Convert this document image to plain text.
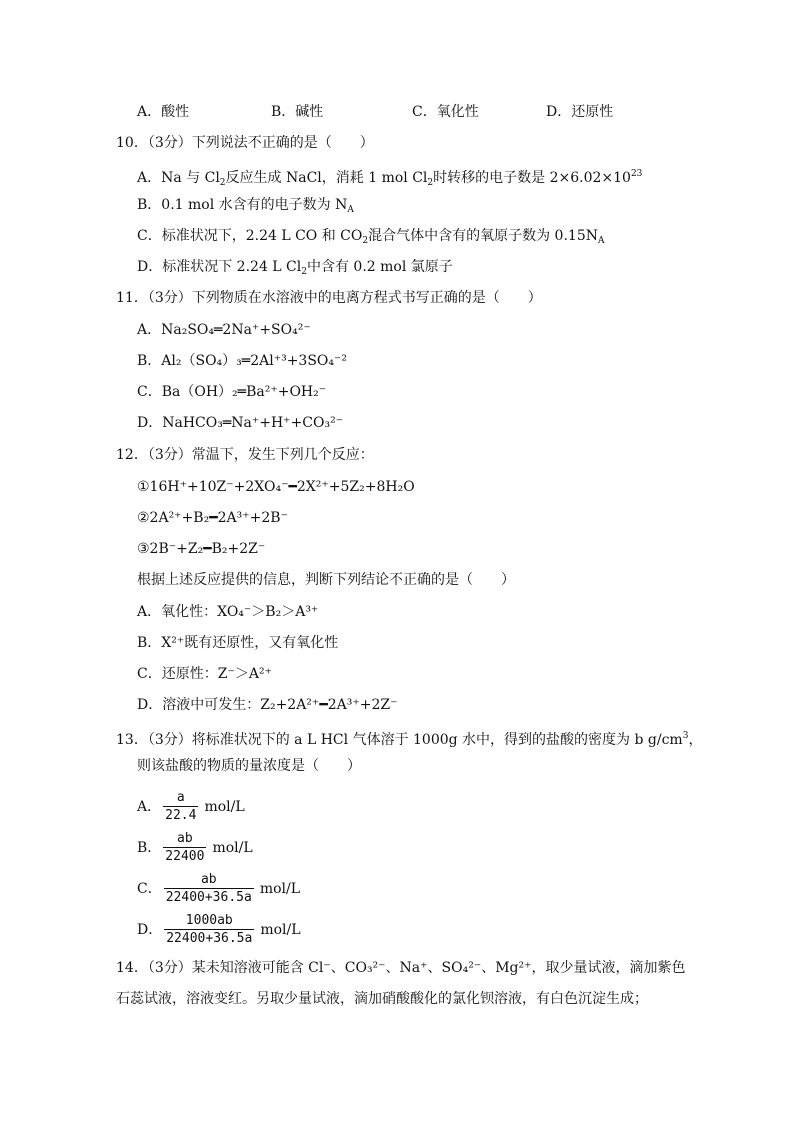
A．酸性	B．碱性	C．氧化性	D．还原性
10．（3分）下列说法不正确的是（　　）
A．Na 与 $Cl_2$反应生成 NaCl，消耗 1 mol $Cl_2$时转移的电子数是 $2\times 6.02\times 10^{23}$
B．0.1 mol 水含有的电子数为 $N_A$
C．标准状况下，2.24 L CO 和 $CO_2$混合气体中含有的氧原子数为 $0.15N_A$
D．标准状况下 2.24 L $Cl_2$中含有 0.2 mol 氯原子
11．（3分）下列物质在水溶液中的电离方程式书写正确的是（　　）
A．Na₂SO₄═2Na⁺+SO₄²⁻
B．Al₂（SO₄）₃═2Al⁺³+3SO₄⁻²
C．Ba（OH）₂═Ba²⁺+OH₂⁻
D．NaHCO₃═Na⁺+H⁺+CO₃²⁻
12．（3分）常温下，发生下列几个反应：
①16H⁺+10Z⁻+2XO₄⁻━2X²⁺+5Z₂+8H₂O
②2A²⁺+B₂━2A³⁺+2B⁻
③2B⁻+Z₂━B₂+2Z⁻
根据上述反应提供的信息，判断下列结论不正确的是（　　）
A．氧化性：XO₄⁻＞B₂＞A³⁺
B．X²⁺既有还原性，又有氧化性
C．还原性：Z⁻＞A²⁺
D．溶液中可发生：Z₂+2A²⁺━2A³⁺+2Z⁻
13．（3分）将标准状况下的 a L HCl 气体溶于 1000g 水中，得到的盐酸的密度为 b $g/cm^3$，
则该盐酸的物质的量浓度是（　　）
A． $\frac{a}{22.4} mol/L$
B． $\frac{ab}{22400} mol/L$
C． $\frac{ab}{22400+36.5a} mol/L$
D． $\frac{1000ab}{22400+36.5a} mol/L$
14．（3分）某未知溶液可能含 Cl⁻、CO₃²⁻、Na⁺、SO₄²⁻、Mg²⁺，取少量试液，滴加紫色
石蕊试液，溶液变红。另取少量试液，滴加硝酸酸化的氯化钡溶液，有白色沉淀生成；
